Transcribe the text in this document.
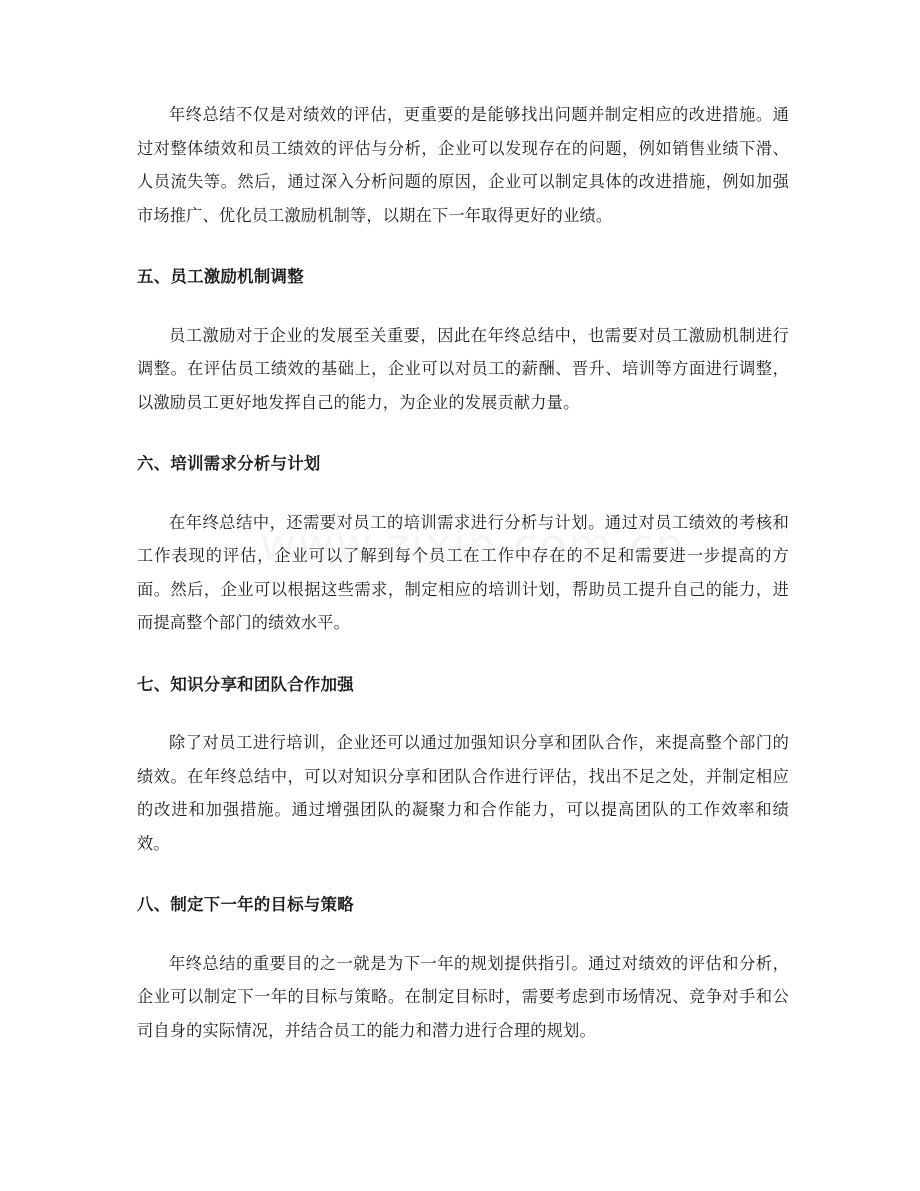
年终总结不仅是对绩效的评估，更重要的是能够找出问题并制定相应的改进措施。通过对整体绩效和员工绩效的评估与分析，企业可以发现存在的问题，例如销售业绩下滑、人员流失等。然后，通过深入分析问题的原因，企业可以制定具体的改进措施，例如加强市场推广、优化员工激励机制等，以期在下一年取得更好的业绩。

五、员工激励机制调整

员工激励对于企业的发展至关重要，因此在年终总结中，也需要对员工激励机制进行调整。在评估员工绩效的基础上，企业可以对员工的薪酬、晋升、培训等方面进行调整，以激励员工更好地发挥自己的能力，为企业的发展贡献力量。

六、培训需求分析与计划

在年终总结中，还需要对员工的培训需求进行分析与计划。通过对员工绩效的考核和工作表现的评估，企业可以了解到每个员工在工作中存在的不足和需要进一步提高的方面。然后，企业可以根据这些需求，制定相应的培训计划，帮助员工提升自己的能力，进而提高整个部门的绩效水平。

七、知识分享和团队合作加强

除了对员工进行培训，企业还可以通过加强知识分享和团队合作，来提高整个部门的绩效。在年终总结中，可以对知识分享和团队合作进行评估，找出不足之处，并制定相应的改进和加强措施。通过增强团队的凝聚力和合作能力，可以提高团队的工作效率和绩效。

八、制定下一年的目标与策略

年终总结的重要目的之一就是为下一年的规划提供指引。通过对绩效的评估和分析，企业可以制定下一年的目标与策略。在制定目标时，需要考虑到市场情况、竞争对手和公司自身的实际情况，并结合员工的能力和潜力进行合理的规划。
